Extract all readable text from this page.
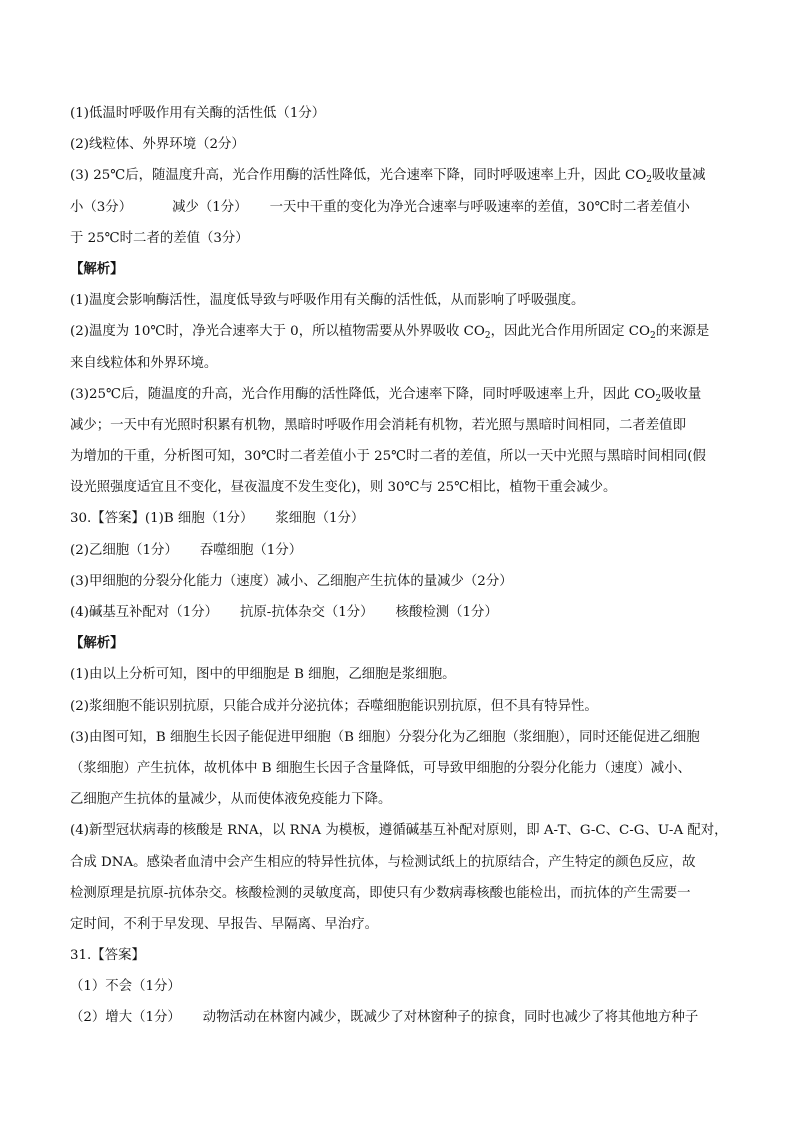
(1)低温时呼吸作用有关酶的活性低（1分）
(2)线粒体、外界环境（2分）
(3) 25℃后，随温度升高，光合作用酶的活性降低，光合速率下降，同时呼吸速率上升，因此 $CO_2$吸收量减
小（3分）	减少（1分） 一天中干重的变化为净光合速率与呼吸速率的差值，30℃时二者差值小
于 25℃时二者的差值（3分）
【解析】
(1)温度会影响酶活性，温度低导致与呼吸作用有关酶的活性低，从而影响了呼吸强度。
(2)温度为 10℃时，净光合速率大于 0，所以植物需要从外界吸收 $CO_2$，因此光合作用所固定 $CO_2$的来源是
来自线粒体和外界环境。
(3)25℃后，随温度的升高，光合作用酶的活性降低，光合速率下降，同时呼吸速率上升，因此 $CO_2$吸收量
减少；一天中有光照时积累有机物，黑暗时呼吸作用会消耗有机物，若光照与黑暗时间相同，二者差值即
为增加的干重，分析图可知，30℃时二者差值小于 25℃时二者的差值，所以一天中光照与黑暗时间相同(假
设光照强度适宜且不变化，昼夜温度不发生变化)，则 30℃与 25℃相比，植物干重会减少。
30.【答案】(1)B 细胞（1分） 浆细胞（1分）
(2)乙细胞（1分） 吞噬细胞（1分）
(3)甲细胞的分裂分化能力（速度）减小、乙细胞产生抗体的量减少（2分）
(4)碱基互补配对（1分） 抗原-抗体杂交（1分） 核酸检测（1分）
【解析】
(1)由以上分析可知，图中的甲细胞是 B 细胞，乙细胞是浆细胞。
(2)浆细胞不能识别抗原，只能合成并分泌抗体；吞噬细胞能识别抗原，但不具有特异性。
(3)由图可知，B 细胞生长因子能促进甲细胞（B 细胞）分裂分化为乙细胞（浆细胞），同时还能促进乙细胞
（浆细胞）产生抗体，故机体中 B 细胞生长因子含量降低，可导致甲细胞的分裂分化能力（速度）减小、
乙细胞产生抗体的量减少，从而使体液免疫能力下降。
(4)新型冠状病毒的核酸是 RNA，以 RNA 为模板，遵循碱基互补配对原则，即 A-T、G-C、C-G、U-A 配对，
合成 DNA。感染者血清中会产生相应的特异性抗体，与检测试纸上的抗原结合，产生特定的颜色反应，故
检测原理是抗原-抗体杂交。核酸检测的灵敏度高，即使只有少数病毒核酸也能检出，而抗体的产生需要一
定时间，不利于早发现、早报告、早隔离、早治疗。
31.【答案】
（1）不会（1分）
（2）增大（1分） 动物活动在林窗内减少，既减少了对林窗种子的掠食，同时也减少了将其他地方种子
